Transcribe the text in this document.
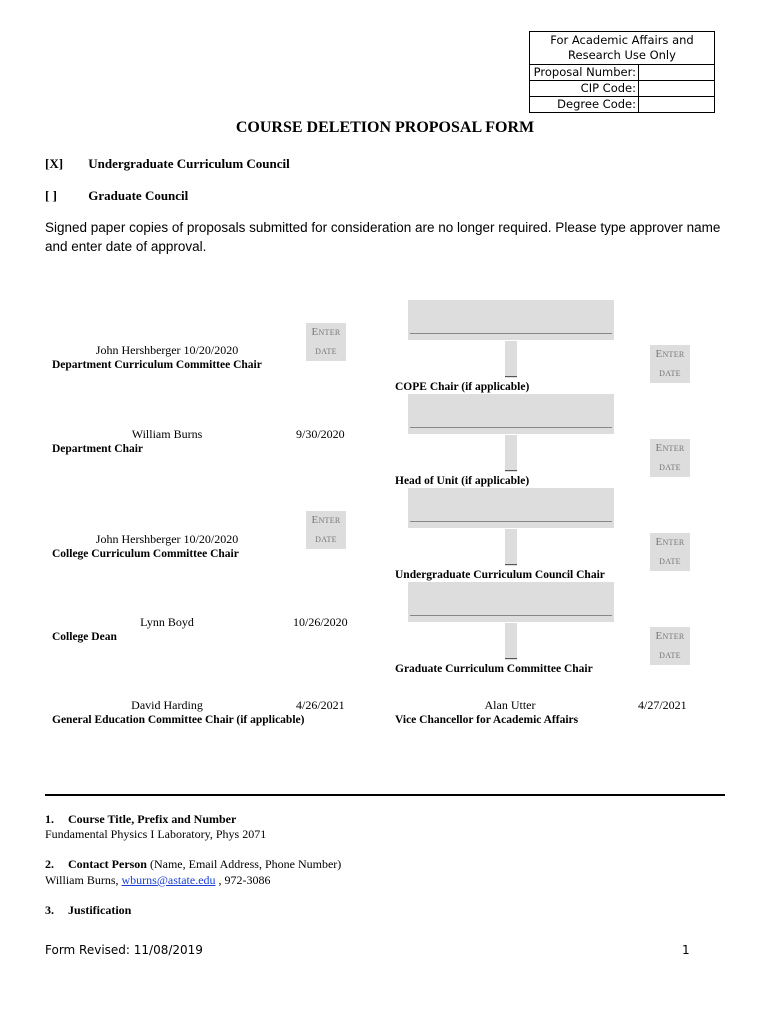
For Academic Affairs and Research Use Only
Proposal Number:
CIP Code:
Degree Code:
COURSE DELETION PROPOSAL FORM
[X] Undergraduate Curriculum Council
[ ] Graduate Council
Signed paper copies of proposals submitted for consideration are no longer required. Please type approver name and enter date of approval.
John Hershberger 10/20/2020
Enter date
Department Curriculum Committee Chair
William Burns	9/30/2020
Department Chair
John Hershberger 10/20/2020
Enter date
College Curriculum Committee Chair
Lynn Boyd	10/26/2020
College Dean
David Harding	4/26/2021
General Education Committee Chair (if applicable)
Enter date
COPE Chair (if applicable)
Enter date
Head of Unit (if applicable)
Enter date
Undergraduate Curriculum Council Chair
Enter date
Graduate Curriculum Committee Chair
Alan Utter	4/27/2021
Vice Chancellor for Academic Affairs
1. Course Title, Prefix and Number
Fundamental Physics I Laboratory, Phys 2071
2. Contact Person (Name, Email Address, Phone Number)
William Burns, wburns@astate.edu , 972-3086
3. Justification
Form Revised: 11/08/2019	1
